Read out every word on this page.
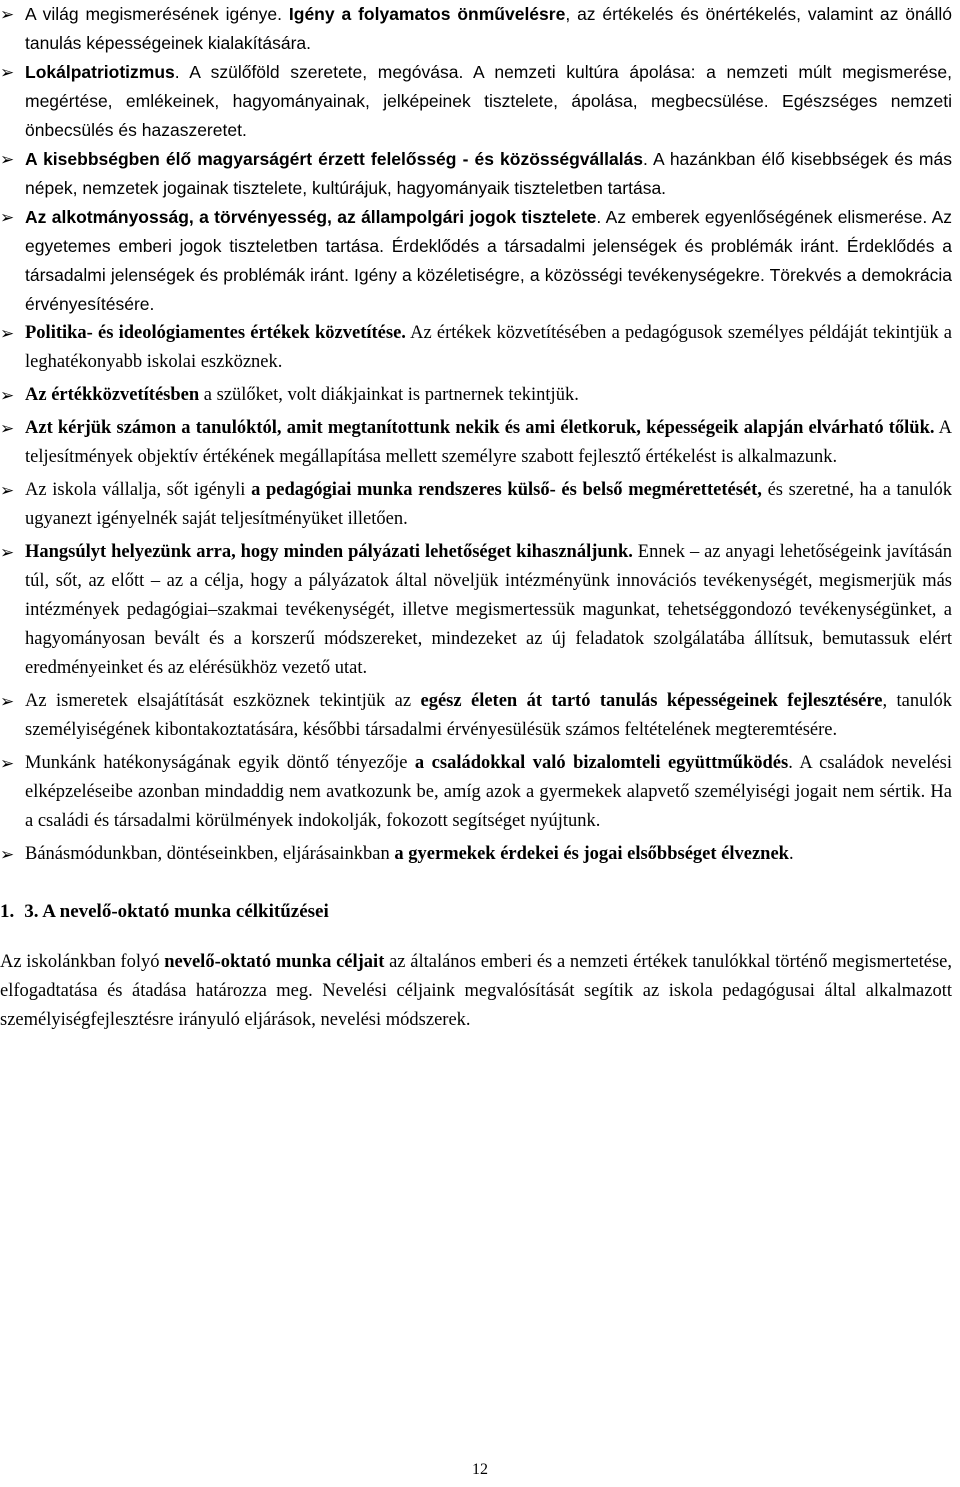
➢ A világ megismerésének igénye. Igény a folyamatos önművelésre, az értékelés és önértékelés, valamint az önálló tanulás képességeinek kialakítására.
➢ Lokálpatriotizmus. A szülőföld szeretete, megóvása. A nemzeti kultúra ápolása: a nemzeti múlt megismerése, megértése, emlékeinek, hagyományainak, jelképeinek tisztelete, ápolása, megbecsülése. Egészséges nemzeti önbecsülés és hazaszeretet.
➢ A kisebbségben élő magyarságért érzett felelősség - és közösségvállalás. A hazánkban élő kisebbségek és más népek, nemzetek jogainak tisztelete, kultúrájuk, hagyományaik tiszteletben tartása.
➢ Az alkotmányosság, a törvényesség, az állampolgári jogok tisztelete. Az emberek egyenlőségének elismerése. Az egyetemes emberi jogok tiszteletben tartása. Érdeklődés a társadalmi jelenségek és problémák iránt. Érdeklődés a társadalmi jelenségek és problémák iránt. Igény a közéletiségre, a közösségi tevékenységekre. Törekvés a demokrácia érvényesítésére.
➢ Politika- és ideológiamentes értékek közvetítése. Az értékek közvetítésében a pedagógusok személyes példáját tekintjük a leghatékonyabb iskolai eszköznek.
➢ Az értékközvetítésben a szülőket, volt diákjainkat is partnernek tekintjük.
➢ Azt kérjük számon a tanulóktól, amit megtanítottunk nekik és ami életkoruk, képességeik alapján elvárható tőlük. A teljesítmények objektív értékének megállapítása mellett személyre szabott fejlesztő értékelést is alkalmazunk.
➢ Az iskola vállalja, sőt igényli a pedagógiai munka rendszeres külső- és belső megmérettetését, és szeretné, ha a tanulók ugyanezt igényelnék saját teljesítményüket illetően.
➢ Hangsúlyt helyezünk arra, hogy minden pályázati lehetőséget kihasználjunk. Ennek – az anyagi lehetőségeink javításán túl, sőt, az előtt – az a célja, hogy a pályázatok által növeljük intézményünk innovációs tevékenységét, megismerjük más intézmények pedagógiai–szakmai tevékenységét, illetve megismertessük magunkat, tehetséggondozó tevékenységünket, a hagyományosan bevált és a korszerű módszereket, mindezeket az új feladatok szolgálatába állítsuk, bemutassuk elért eredményeinket és az elérésükhöz vezető utat.
➢ Az ismeretek elsajátítását eszköznek tekintjük az egész életen át tartó tanulás képességeinek fejlesztésére, tanulók személyiségének kibontakoztatására, későbbi társadalmi érvényesülésük számos feltételének megteremtésére.
➢ Munkánk hatékonyságának egyik döntő tényezője a családokkal való bizalomteli együttműködés. A családok nevelési elképzeléseibe azonban mindaddig nem avatkozunk be, amíg azok a gyermekek alapvető személyiségi jogait nem sértik. Ha a családi és társadalmi körülmények indokolják, fokozott segítséget nyújtunk.
➢ Bánásmódunkban, döntéseinkben, eljárásainkban a gyermekek érdekei és jogai elsőbbséget élveznek.
1. 3. A nevelő-oktató munka célkitűzései

Az iskolánkban folyó nevelő-oktató munka céljait az általános emberi és a nemzeti értékek tanulókkal történő megismertetése, elfogadtatása és átadása határozza meg. Nevelési céljaink megvalósítását segítik az iskola pedagógusai által alkalmazott személyiségfejlesztésre irányuló eljárások, nevelési módszerek.

12
